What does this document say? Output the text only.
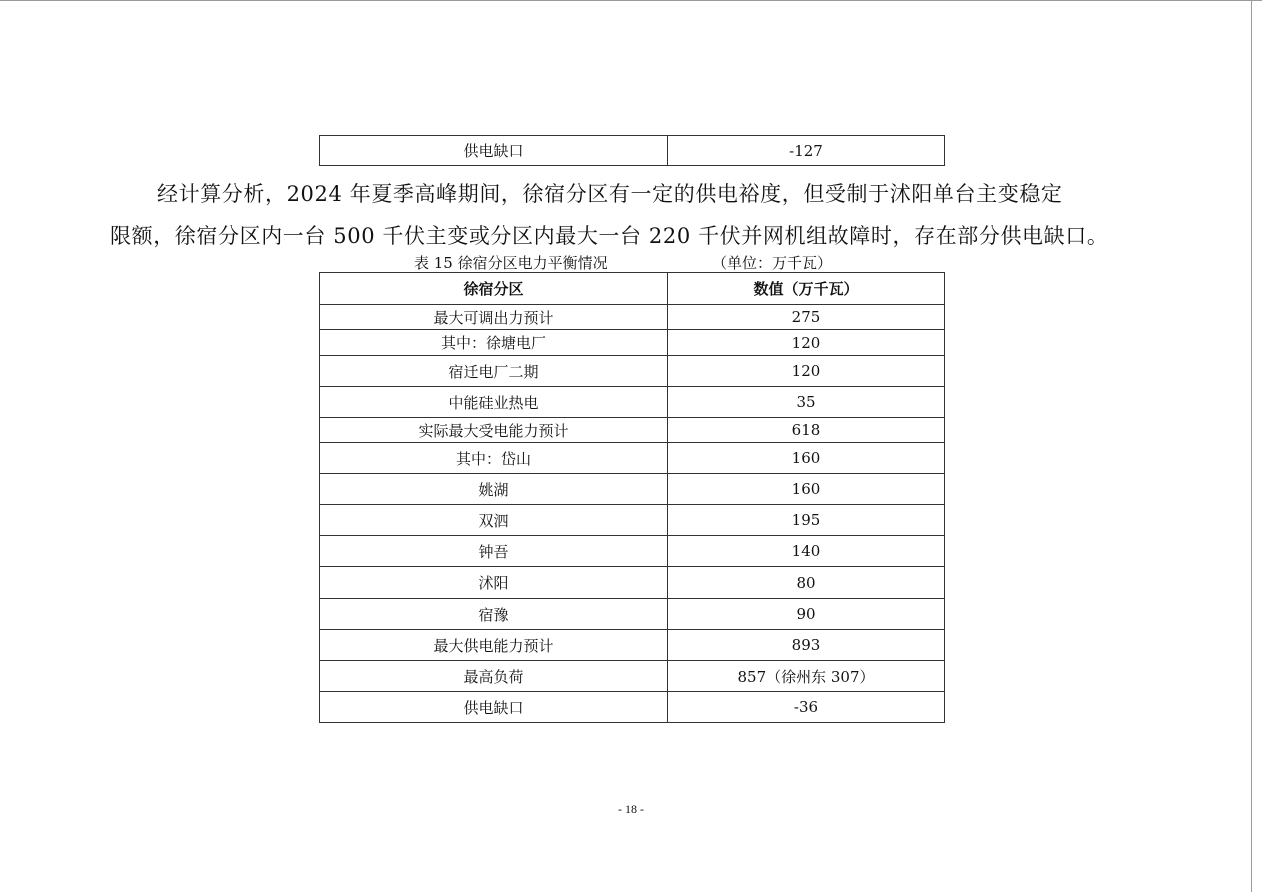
供电缺口	-127
经计算分析，2024 年夏季高峰期间，徐宿分区有一定的供电裕度，但受制于沭阳单台主变稳定
限额，徐宿分区内一台 500 千伏主变或分区内最大一台 220 千伏并网机组故障时，存在部分供电缺口。
表 15 徐宿分区电力平衡情况	（单位：万千瓦）
徐宿分区	数值（万千瓦）
最大可调出力预计	275
其中：徐塘电厂	120
宿迁电厂二期	120
中能硅业热电	35
实际最大受电能力预计	618
其中：岱山	160
姚湖	160
双泗	195
钟吾	140
沭阳	80
宿豫	90
最大供电能力预计	893
最高负荷	857（徐州东 307）
供电缺口	-36
- 18 -
